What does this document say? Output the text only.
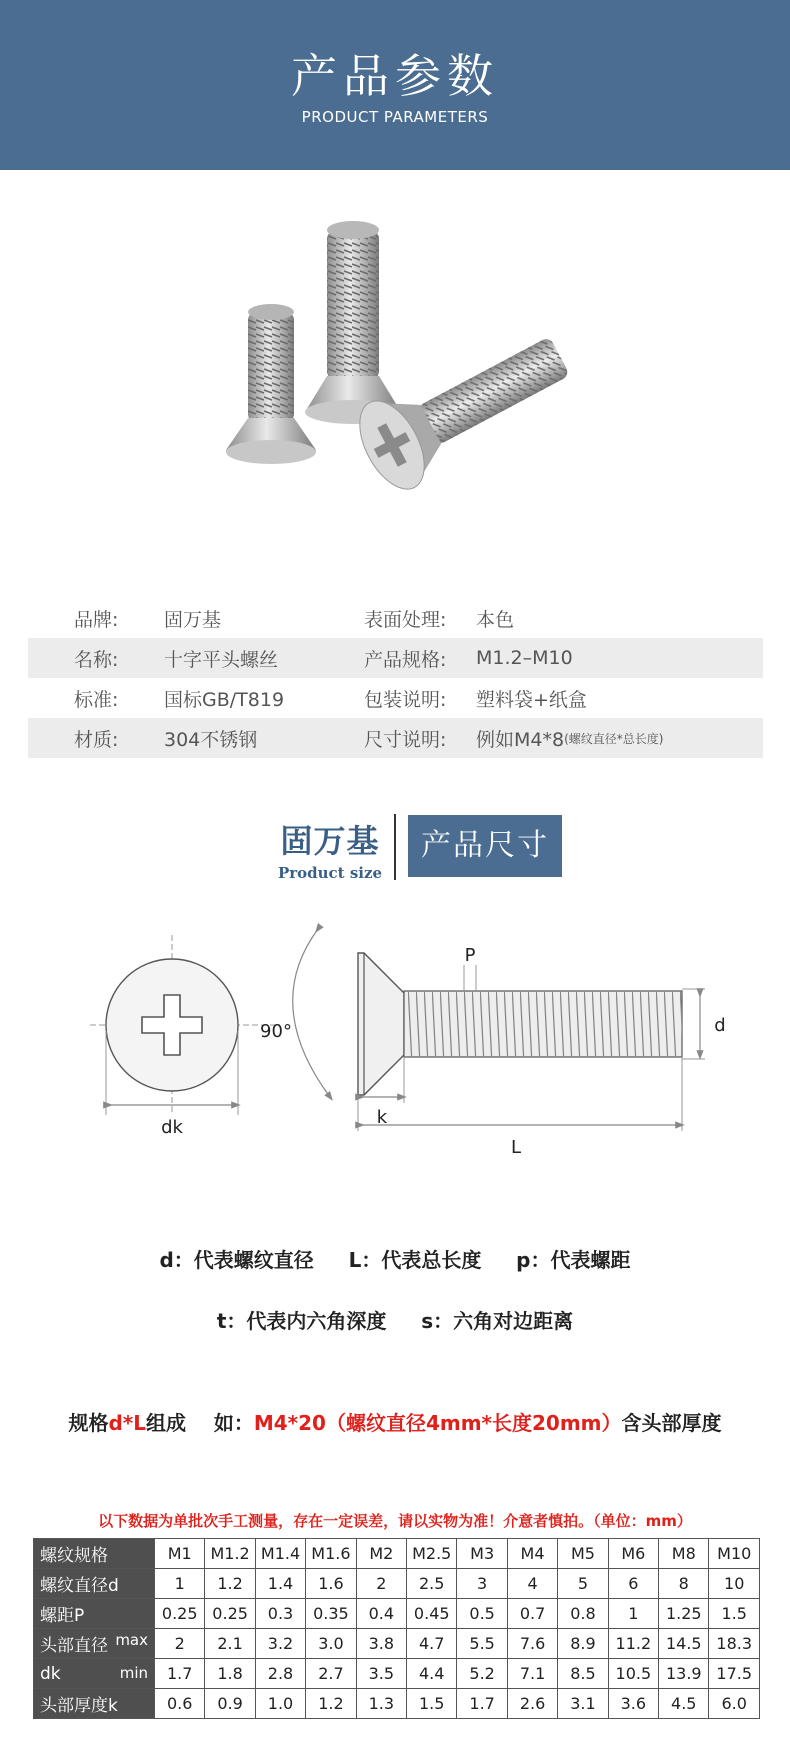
产品参数
PRODUCT PARAMETERS
品牌:	固万基	表面处理:	本色
名称:	十字平头螺丝	产品规格:	M1.2–M10
标准:	国标GB/T819	包装说明:	塑料袋+纸盒
材质:	304不锈钢	尺寸说明:	例如M4*8 (螺纹直径*总长度)
固万基
Product size
产品尺寸
dk
90°
P
d
k
L
d：代表螺纹直径     L：代表总长度     p：代表螺距
t：代表内六角深度     s：六角对边距离
规格d*L组成    如：M4*20（螺纹直径4mm*长度20mm）含头部厚度
以下数据为单批次手工测量，存在一定误差，请以实物为准！介意者慎拍。（单位：mm）
螺纹规格	M1	M1.2	M1.4	M1.6	M2	M2.5	M3	M4	M5	M6	M8	M10
螺纹直径d	1	1.2	1.4	1.6	2	2.5	3	4	5	6	8	10
螺距P	0.25	0.25	0.3	0.35	0.4	0.45	0.5	0.7	0.8	1	1.25	1.5
头部直径 max	2	2.1	3.2	3.0	3.8	4.7	5.5	7.6	8.9	11.2	14.5	18.3
dk min	1.7	1.8	2.8	2.7	3.5	4.4	5.2	7.1	8.5	10.5	13.9	17.5
头部厚度k	0.6	0.9	1.0	1.2	1.3	1.5	1.7	2.6	3.1	3.6	4.5	6.0
